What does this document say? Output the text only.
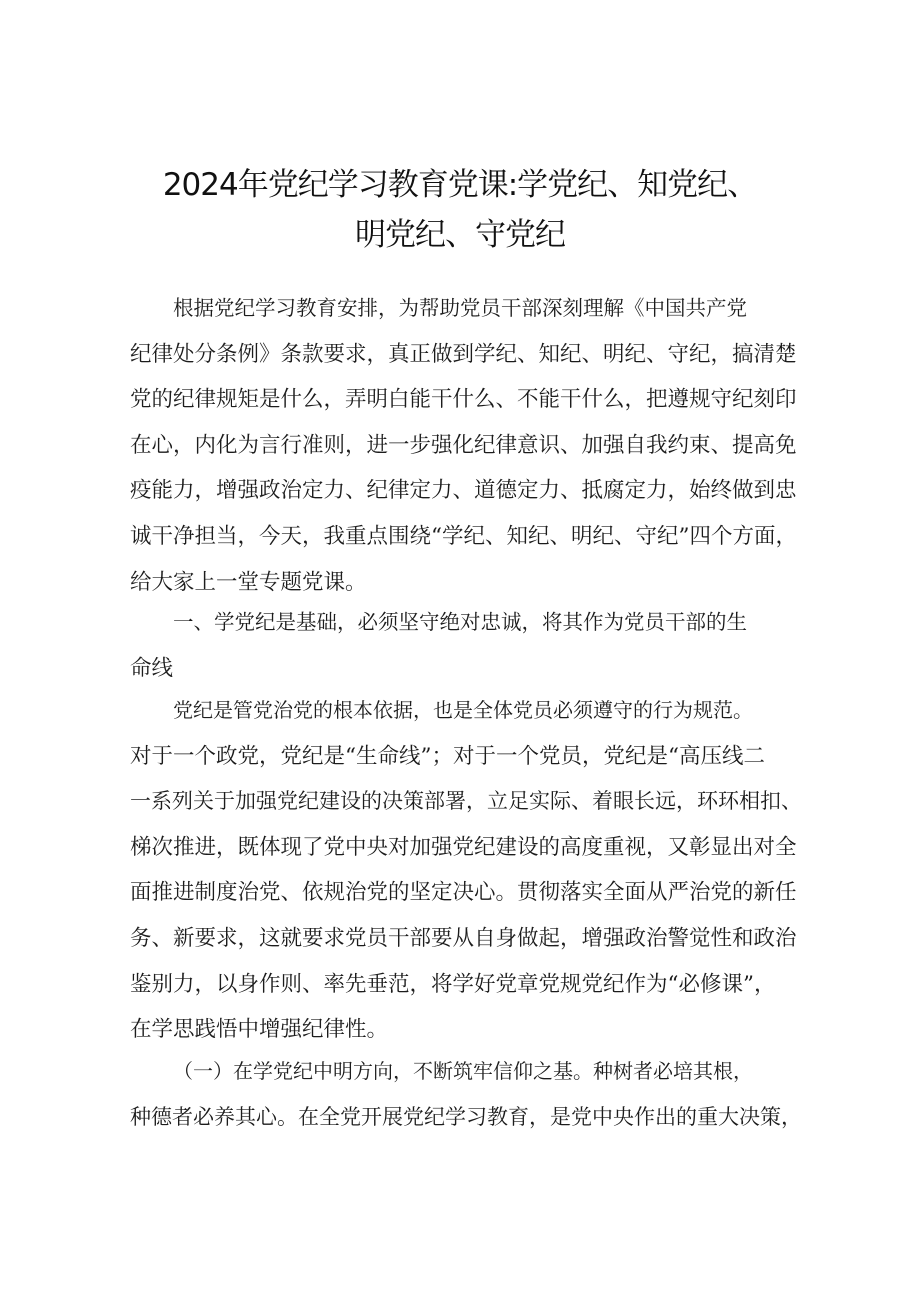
2024年党纪学习教育党课:学党纪、知党纪、
明党纪、守党纪

根据党纪学习教育安排，为帮助党员干部深刻理解《中国共产党
纪律处分条例》条款要求，真正做到学纪、知纪、明纪、守纪，搞清楚
党的纪律规矩是什么，弄明白能干什么、不能干什么，把遵规守纪刻印
在心，内化为言行准则，进一步强化纪律意识、加强自我约束、提高免
疫能力，增强政治定力、纪律定力、道德定力、抵腐定力，始终做到忠
诚干净担当，今天，我重点围绕“学纪、知纪、明纪、守纪”四个方面，
给大家上一堂专题党课。

一、学党纪是基础，必须坚守绝对忠诚，将其作为党员干部的生
命线

党纪是管党治党的根本依据，也是全体党员必须遵守的行为规范。
对于一个政党，党纪是“生命线”；对于一个党员，党纪是“高压线二
一系列关于加强党纪建设的决策部署，立足实际、着眼长远，环环相扣、
梯次推进，既体现了党中央对加强党纪建设的高度重视，又彰显出对全
面推进制度治党、依规治党的坚定决心。贯彻落实全面从严治党的新任
务、新要求，这就要求党员干部要从自身做起，增强政治警觉性和政治
鉴别力，以身作则、率先垂范，将学好党章党规党纪作为“必修课”，
在学思践悟中增强纪律性。

（一）在学党纪中明方向，不断筑牢信仰之基。种树者必培其根，
种德者必养其心。在全党开展党纪学习教育，是党中央作出的重大决策，
